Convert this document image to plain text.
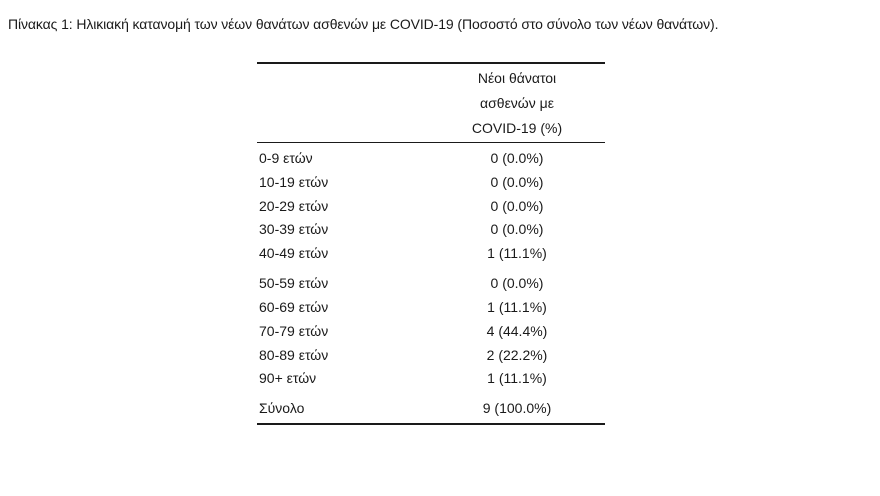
Πίνακας 1: Ηλικιακή κατανομή των νέων θανάτων ασθενών με COVID-19 (Ποσοστό στο σύνολο των νέων θανάτων).
Νέοι θάνατοι
ασθενών με
COVID-19 (%)
0-9 ετών	0 (0.0%)
10-19 ετών	0 (0.0%)
20-29 ετών	0 (0.0%)
30-39 ετών	0 (0.0%)
40-49 ετών	1 (11.1%)
50-59 ετών	0 (0.0%)
60-69 ετών	1 (11.1%)
70-79 ετών	4 (44.4%)
80-89 ετών	2 (22.2%)
90+ ετών	1 (11.1%)
Σύνολο	9 (100.0%)
